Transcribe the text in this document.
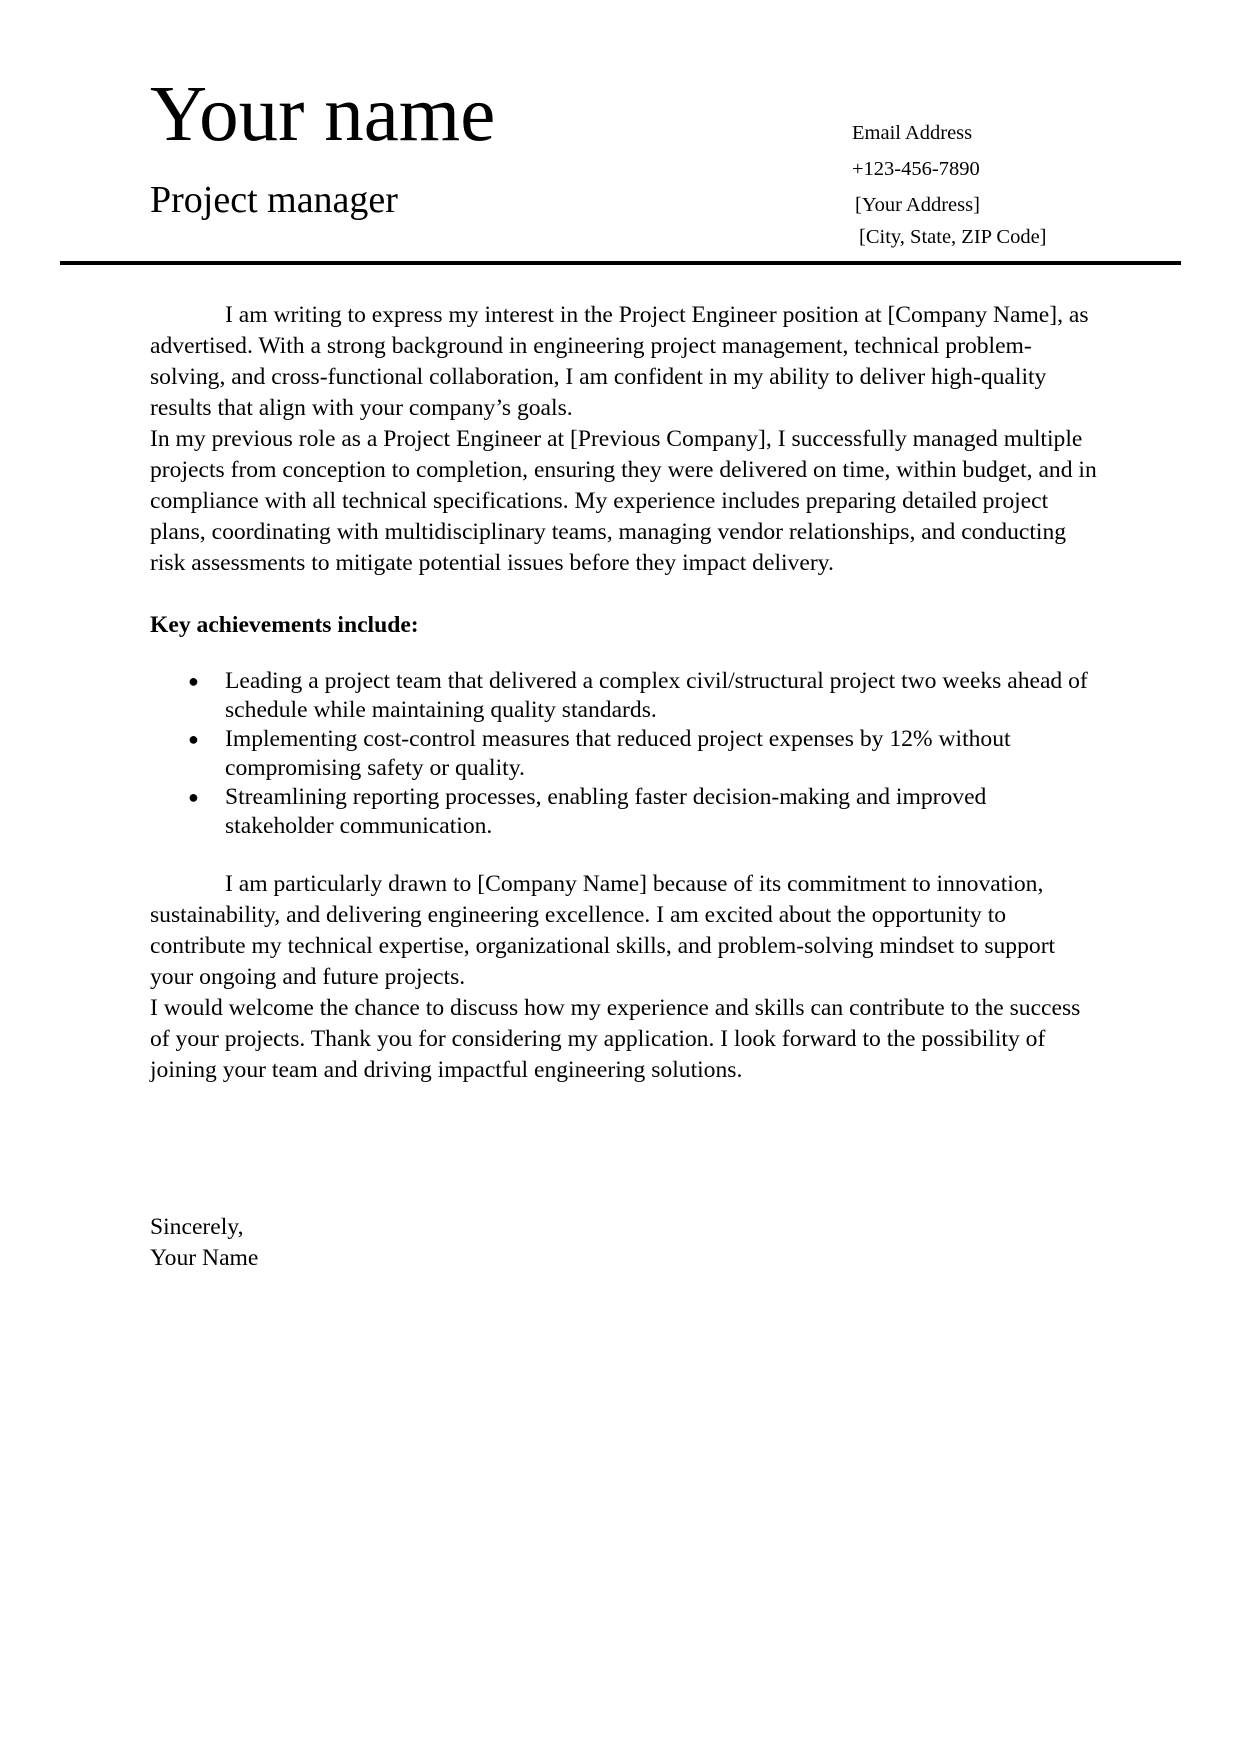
Your name
Project manager
Email Address
+123-456-7890
[Your Address]
[City, State, ZIP Code]

I am writing to express my interest in the Project Engineer position at [Company Name], as advertised. With a strong background in engineering project management, technical problem-solving, and cross-functional collaboration, I am confident in my ability to deliver high-quality results that align with your company’s goals.

In my previous role as a Project Engineer at [Previous Company], I successfully managed multiple projects from conception to completion, ensuring they were delivered on time, within budget, and in compliance with all technical specifications. My experience includes preparing detailed project plans, coordinating with multidisciplinary teams, managing vendor relationships, and conducting risk assessments to mitigate potential issues before they impact delivery.

Key achievements include:

● Leading a project team that delivered a complex civil/structural project two weeks ahead of schedule while maintaining quality standards.
● Implementing cost-control measures that reduced project expenses by 12% without compromising safety or quality.
● Streamlining reporting processes, enabling faster decision-making and improved stakeholder communication.

I am particularly drawn to [Company Name] because of its commitment to innovation, sustainability, and delivering engineering excellence. I am excited about the opportunity to contribute my technical expertise, organizational skills, and problem-solving mindset to support your ongoing and future projects.

I would welcome the chance to discuss how my experience and skills can contribute to the success of your projects. Thank you for considering my application. I look forward to the possibility of joining your team and driving impactful engineering solutions.

Sincerely,
Your Name
